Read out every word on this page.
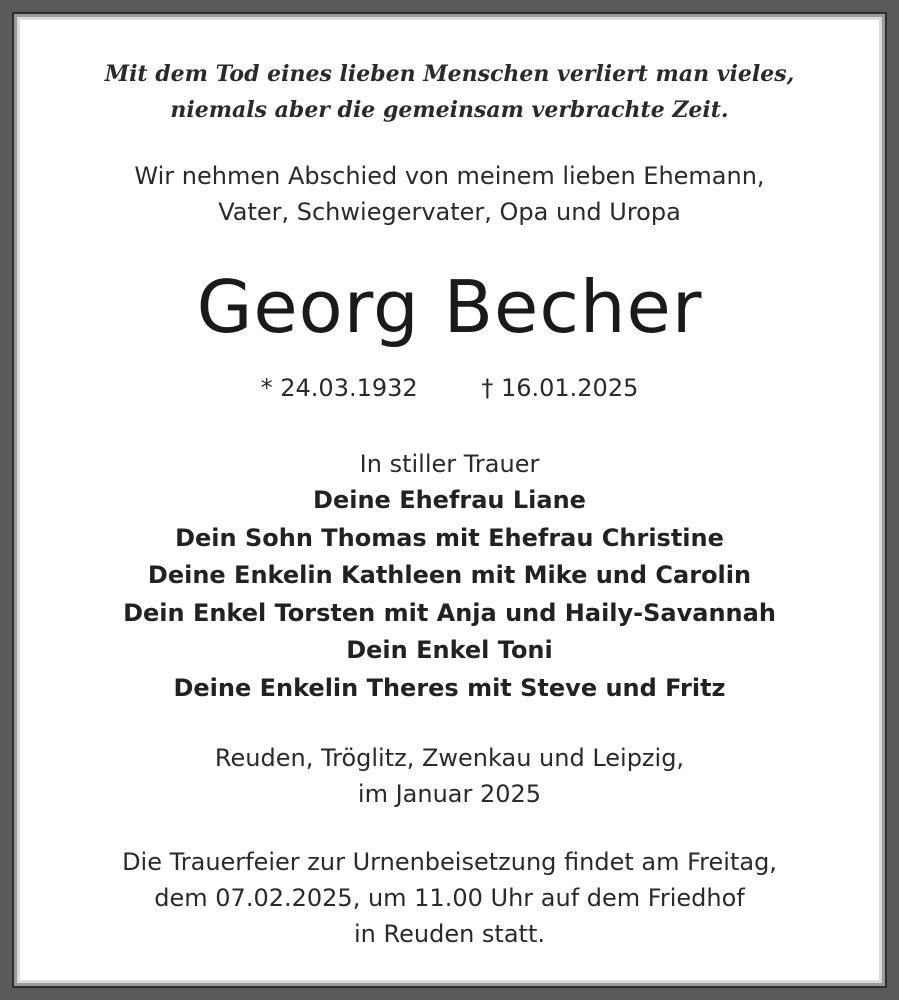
Mit dem Tod eines lieben Menschen verliert man vieles,
niemals aber die gemeinsam verbrachte Zeit.
Wir nehmen Abschied von meinem lieben Ehemann,
Vater, Schwiegervater, Opa und Uropa
Georg Becher
* 24.03.1932	† 16.01.2025
In stiller Trauer
Deine Ehefrau Liane
Dein Sohn Thomas mit Ehefrau Christine
Deine Enkelin Kathleen mit Mike und Carolin
Dein Enkel Torsten mit Anja und Haily-Savannah
Dein Enkel Toni
Deine Enkelin Theres mit Steve und Fritz
Reuden, Tröglitz, Zwenkau und Leipzig,
im Januar 2025
Die Trauerfeier zur Urnenbeisetzung findet am Freitag,
dem 07.02.2025, um 11.00 Uhr auf dem Friedhof
in Reuden statt.
